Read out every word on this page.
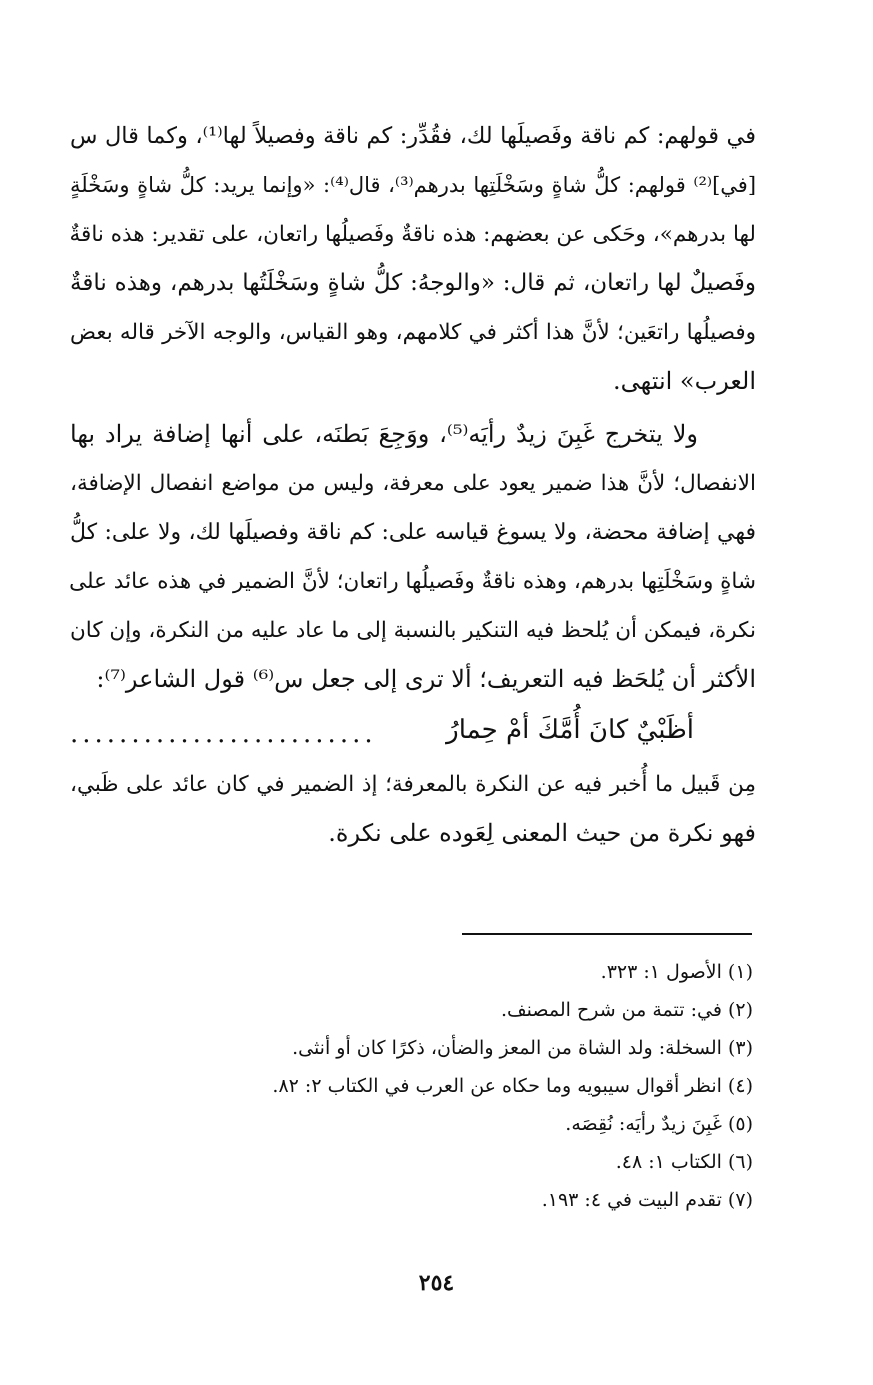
في قولهم: كم ناقة وفَصيلَها لك، فقُدِّر: كم ناقة وفصيلاً لها⁽¹⁾، وكما قال س
[في]⁽²⁾ قولهم: كلُّ شاةٍ وسَخْلَتِها بدرهم⁽³⁾، قال⁽⁴⁾: «وإنما يريد: كلُّ شاةٍ وسَخْلَةٍ
لها بدرهم»، وحَكى عن بعضهم: هذه ناقةٌ وفَصيلُها راتعان، على تقدير: هذه ناقةٌ
وفَصيلٌ لها راتعان، ثم قال: «والوجهُ: كلُّ شاةٍ وسَخْلَتُها بدرهم، وهذه ناقةٌ
وفصيلُها راتعَين؛ لأنَّ هذا أكثر في كلامهم، وهو القياس، والوجه الآخر قاله بعض
العرب» انتهى.
ولا يتخرج غَبِنَ زيدٌ رأيَه⁽⁵⁾، ووَجِعَ بَطنَه، على أنها إضافة يراد بها
الانفصال؛ لأنَّ هذا ضمير يعود على معرفة، وليس من مواضع انفصال الإضافة،
فهي إضافة محضة، ولا يسوغ قياسه على: كم ناقة وفصيلَها لك، ولا على: كلُّ
شاةٍ وسَخْلَتِها بدرهم، وهذه ناقةٌ وفَصيلُها راتعان؛ لأنَّ الضمير في هذه عائد على
نكرة، فيمكن أن يُلحظ فيه التنكير بالنسبة إلى ما عاد عليه من النكرة، وإن كان
الأكثر أن يُلحَظ فيه التعريف؛ ألا ترى إلى جعل س⁽⁶⁾ قول الشاعر⁽⁷⁾:
أظَبْيٌ كانَ أُمَّكَ أمْ حِمارُ
.........................
مِن قَبيل ما أُخبر فيه عن النكرة بالمعرفة؛ إذ الضمير في كان عائد على ظَبي،
فهو نكرة من حيث المعنى لِعَوده على نكرة.
(١) الأصول ١: ٣٢٣.
(٢) في: تتمة من شرح المصنف.
(٣) السخلة: ولد الشاة من المعز والضأن، ذكرًا كان أو أنثى.
(٤) انظر أقوال سيبويه وما حكاه عن العرب في الكتاب ٢: ٨٢.
(٥) غَبِنَ زيدٌ رأيَه: نُقِصَه.
(٦) الكتاب ١: ٤٨.
(٧) تقدم البيت في ٤: ١٩٣.
٢٥٤
